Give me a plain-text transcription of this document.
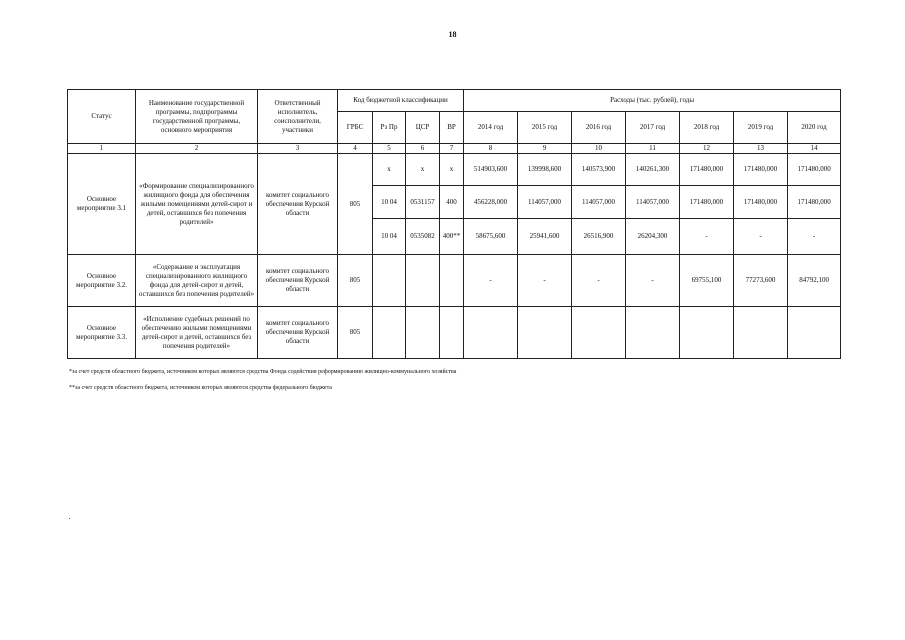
18
Статус	Наименование государственной программы, подпрограммы государственной программы, основного мероприятия	Ответственный исполнитель, соисполнители, участники	Код бюджетной классификации				Расходы (тыс. рублей), годы						
			ГРБС	Рз Пр	ЦСР	ВР	2014 год	2015 год	2016 год	2017 год	2018 год	2019 год	2020 год
1	2	3	4	5	6	7	8	9	10	11	12	13	14
Основное мероприятие 3.1	«Формирование специализированного жилищного фонда для обеспечения жилыми помещениями детей-сирот и детей, оставшихся без попечения родителей»	комитет социального обеспечения Курской области	805	х	х	х	514903,600	139998,600	140573,900	140261,300	171480,000	171480,000	171480,000
				10 04	0531157	400	456228,000	114057,000	114057,000	114057,000	171480,000	171480,000	171480,000
				10 04	0535082	400**	58675,600	25941,600	26516,900	26204,300	-	-	-
Основное мероприятие 3.2.	«Содержание и эксплуатация специализированного жилищного фонда для детей-сирот и детей, оставшихся без попечения родителей»	комитет социального обеспечения Курской области	805				-	-	-	-	69755,100	77273,600	84792,100
Основное мероприятие 3.3.	«Исполнение судебных решений по обеспечению жилыми помещениями детей-сирот и детей, оставшихся без попечения родителей»	комитет социального обеспечения Курской области	805										
*за счет средств областного бюджета, источником которых являются средства Фонда содействия реформированию жилищно-коммунального хозяйства
**за счет средств областного бюджета, источником которых являются средства федерального бюджета
